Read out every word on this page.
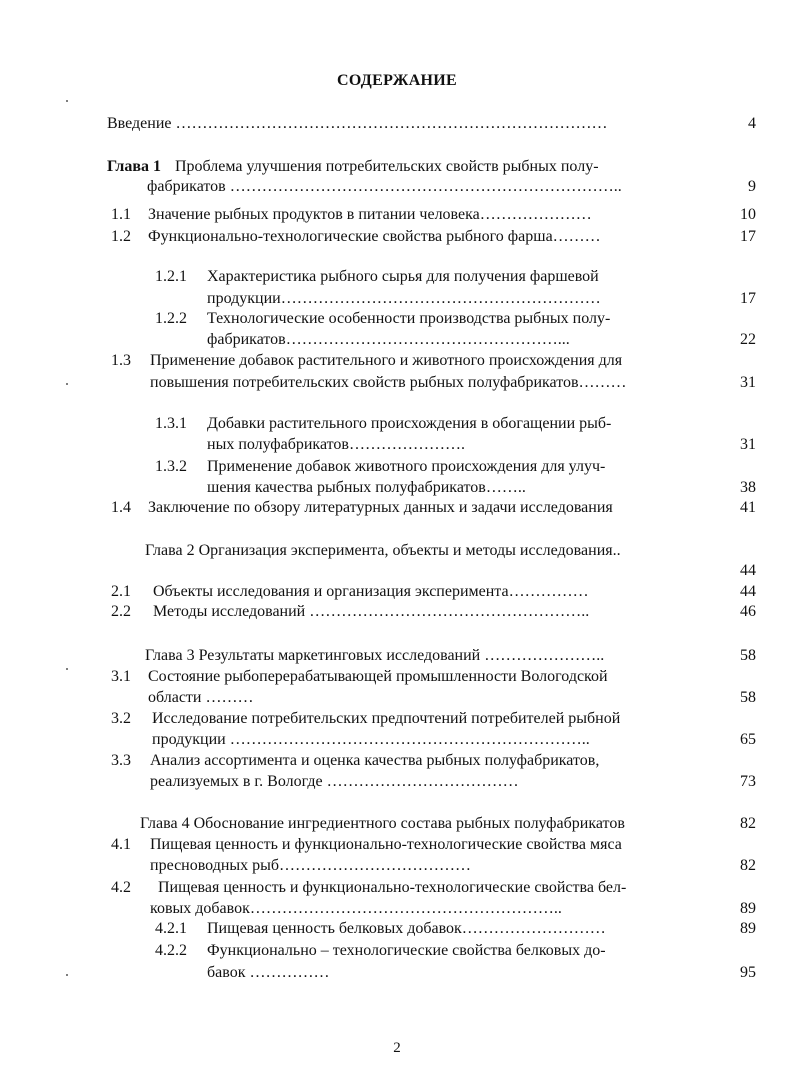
СОДЕРЖАНИЕ
Введение ………………………………………………………………………	4
Глава 1 Проблема улучшения потребительских свойств рыбных полу-
фабрикатов ………………………………………………………………..	9
1.1 Значение рыбных продуктов в питании человека…………………	10
1.2 Функционально-технологические свойства рыбного фарша………	17
1.2.1 Характеристика рыбного сырья для получения фаршевой
продукции……………………………………………………	17
1.2.2 Технологические особенности производства рыбных полу-
фабрикатов……………………………………………...	22
1.3 Применение добавок растительного и животного происхождения для
повышения потребительских свойств рыбных полуфабрикатов………	31
1.3.1 Добавки растительного происхождения в обогащении рыб-
ных полуфабрикатов………………….	31
1.3.2 Применение добавок животного происхождения для улуч-
шения качества рыбных полуфабрикатов……..	38
1.4 Заключение по обзору литературных данных и задачи исследования	41
Глава 2 Организация эксперимента, объекты и методы исследования..
44
2.1 Объекты исследования и организация эксперимента……………	44
2.2 Методы исследований ……………………………………………..	46
Глава 3 Результаты маркетинговых исследований …………………..	58
3.1 Состояние рыбоперерабатывающей промышленности Вологодской
области ………	58
3.2 Исследование потребительских предпочтений потребителей рыбной
продукции …………………………………………………………..	65
3.3 Анализ ассортимента и оценка качества рыбных полуфабрикатов,
реализуемых в г. Вологде ………………………………	73
Глава 4 Обоснование ингредиентного состава рыбных полуфабрикатов	82
4.1 Пищевая ценность и функционально-технологические свойства мяса
пресноводных рыб………………………………	82
4.2 Пищевая ценность и функционально-технологические свойства бел-
ковых добавок…………………………………………………..	89
4.2.1 Пищевая ценность белковых добавок………………………	89
4.2.2 Функционально – технологические свойства белковых до-
бавок ……………	95
2
